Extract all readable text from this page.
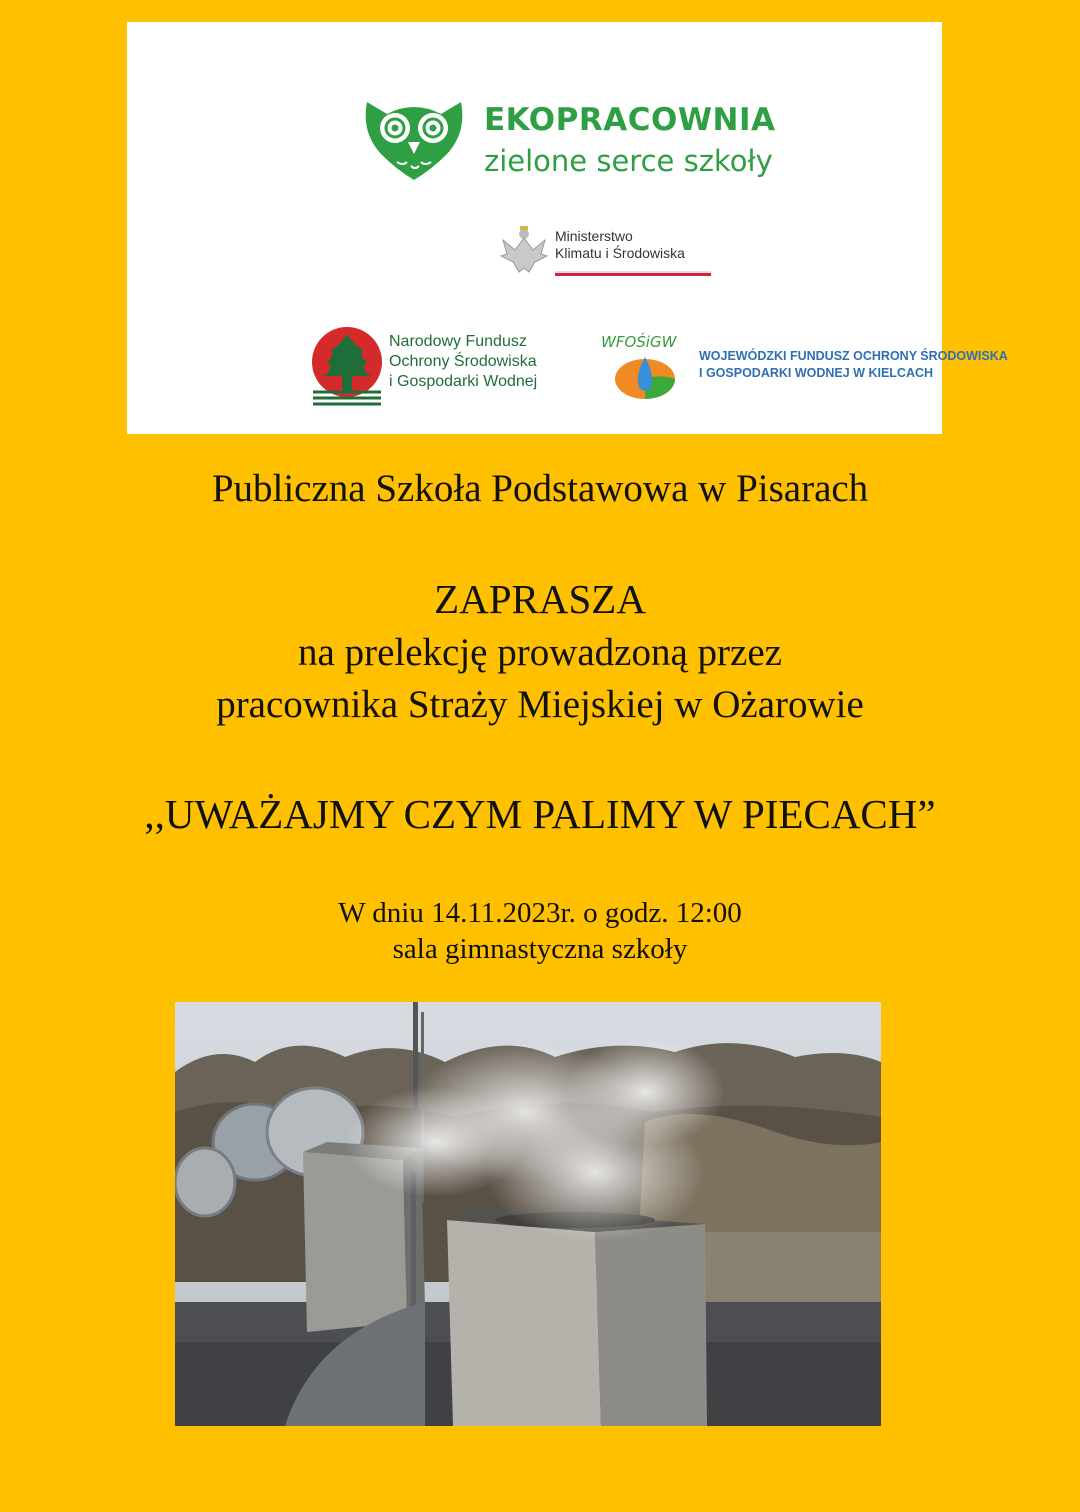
EKOPRACOWNIA
zielone serce szkoły
Ministerstwo
Klimatu i Środowiska
Narodowy Fundusz
Ochrony Środowiska
i Gospodarki Wodnej
WFOŚiGW
WOJEWÓDZKI FUNDUSZ OCHRONY ŚRODOWISKA
I GOSPODARKI WODNEJ W KIELCACH
Publiczna Szkoła Podstawowa w Pisarach
ZAPRASZA
na prelekcję prowadzoną przez
pracownika Straży Miejskiej w Ożarowie
,,UWAŻAJMY CZYM PALIMY W PIECACH”
W dniu 14.11.2023r. o godz. 12:00
sala gimnastyczna szkoły
